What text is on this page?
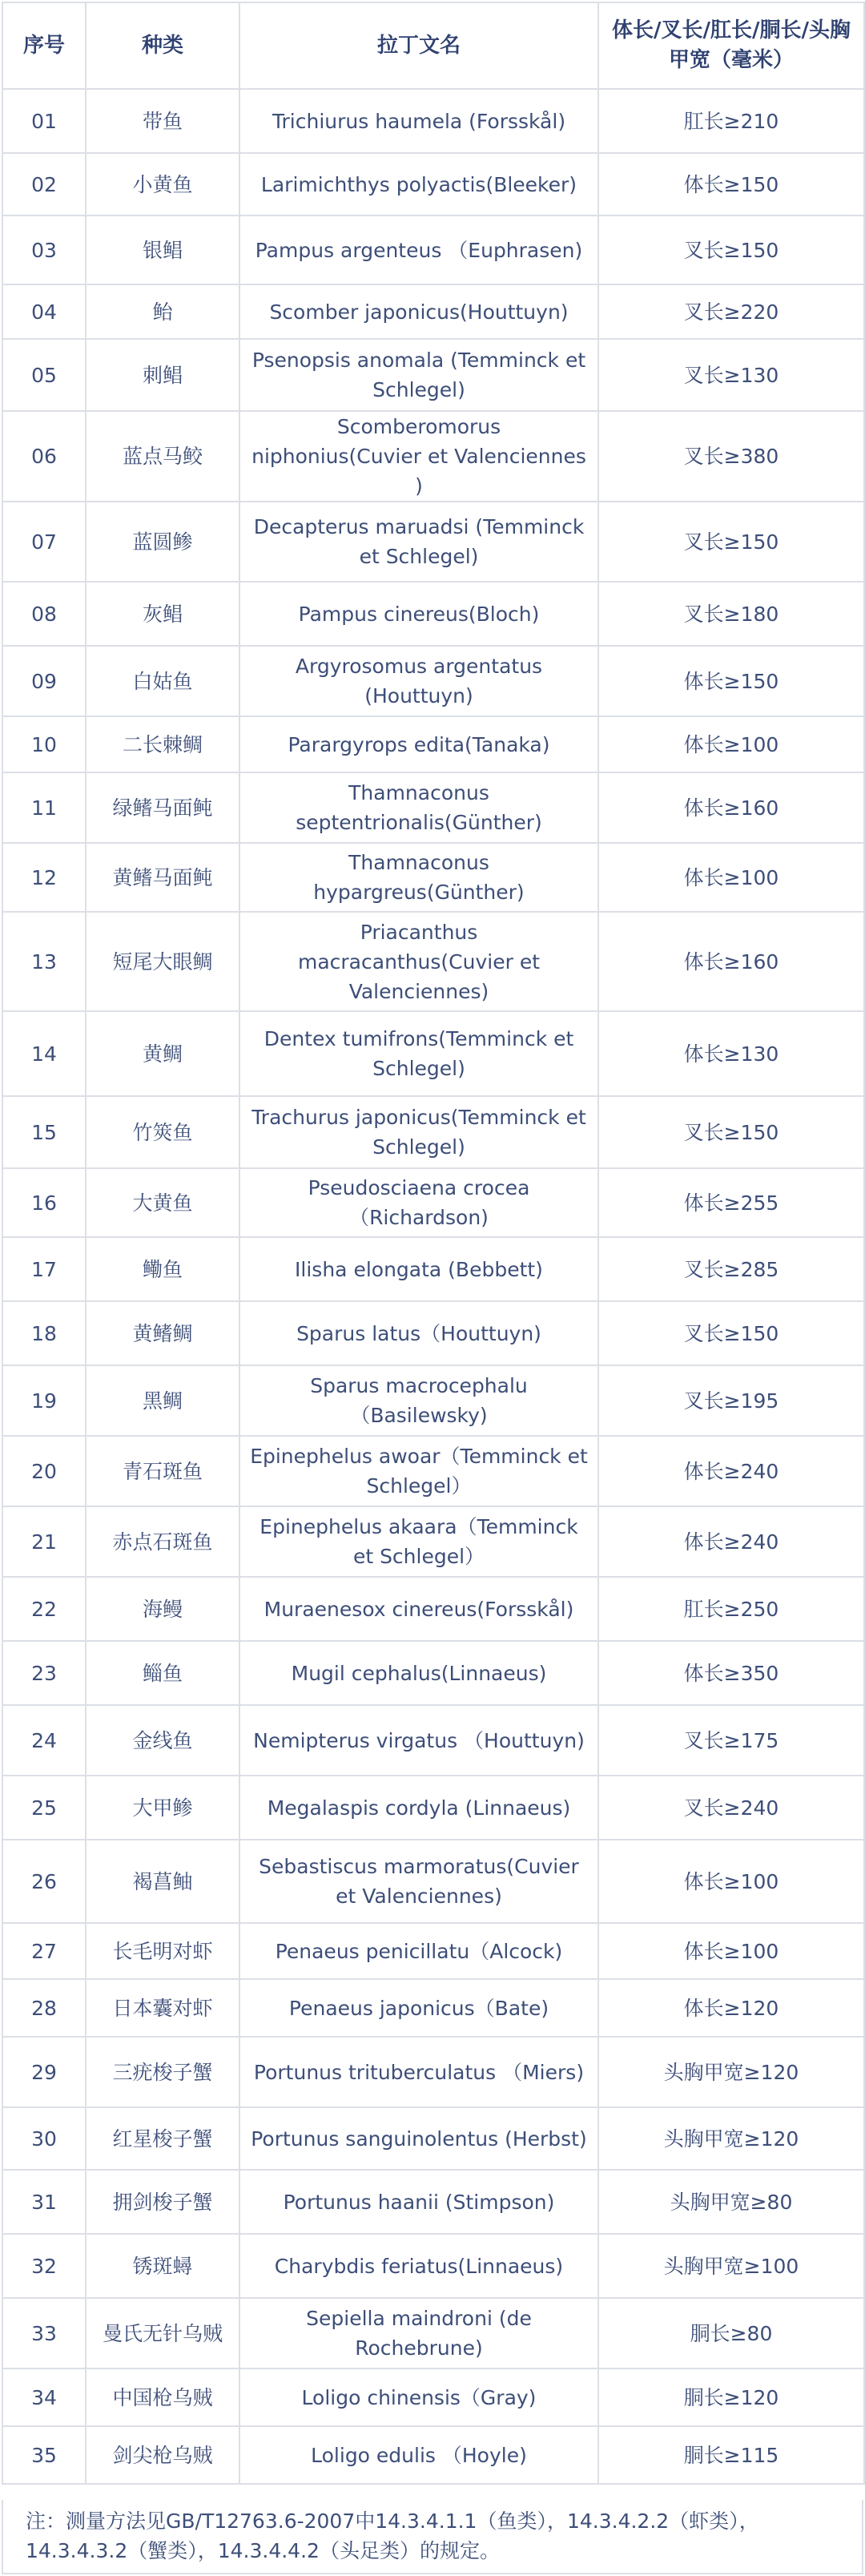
序号	种类	拉丁文名	体长/叉长/肛长/胴长/头胸甲宽（毫米）
01	带鱼	Trichiurus haumela (Forsskål)	肛长≥210
02	小黄鱼	Larimichthys polyactis(Bleeker)	体长≥150
03	银鲳	Pampus argenteus （Euphrasen)	叉长≥150
04	鲐	Scomber japonicus(Houttuyn)	叉长≥220
05	刺鲳	Psenopsis anomala (Temminck et Schlegel)	叉长≥130
06	蓝点马鲛	Scomberomorus niphonius(Cuvier et Valenciennes )	叉长≥380
07	蓝圆鲹	Decapterus maruadsi (Temminck et Schlegel)	叉长≥150
08	灰鲳	Pampus cinereus(Bloch)	叉长≥180
09	白姑鱼	Argyrosomus argentatus (Houttuyn)	体长≥150
10	二长棘鲷	Parargyrops edita(Tanaka)	体长≥100
11	绿鳍马面鲀	Thamnaconus septentrionalis(Günther)	体长≥160
12	黄鳍马面鲀	Thamnaconus hypargreus(Günther)	体长≥100
13	短尾大眼鲷	Priacanthus macracanthus(Cuvier et Valenciennes)	体长≥160
14	黄鲷	Dentex tumifrons(Temminck et Schlegel)	体长≥130
15	竹筴鱼	Trachurus japonicus(Temminck et Schlegel)	叉长≥150
16	大黄鱼	Pseudosciaena crocea （Richardson)	体长≥255
17	鳓鱼	Ilisha elongata (Bebbett)	叉长≥285
18	黄鳍鲷	Sparus latus（Houttuyn)	叉长≥150
19	黑鲷	Sparus macrocephalu （Basilewsky)	叉长≥195
20	青石斑鱼	Epinephelus awoar（Temminck et Schlegel）	体长≥240
21	赤点石斑鱼	Epinephelus akaara（Temminck et Schlegel）	体长≥240
22	海鳗	Muraenesox cinereus(Forsskål)	肛长≥250
23	鲻鱼	Mugil cephalus(Linnaeus)	体长≥350
24	金线鱼	Nemipterus virgatus （Houttuyn)	叉长≥175
25	大甲鲹	Megalaspis cordyla (Linnaeus)	叉长≥240
26	褐菖鲉	Sebastiscus marmoratus(Cuvier et Valenciennes)	体长≥100
27	长毛明对虾	Penaeus penicillatu（Alcock)	体长≥100
28	日本囊对虾	Penaeus japonicus（Bate)	体长≥120
29	三疣梭子蟹	Portunus trituberculatus （Miers)	头胸甲宽≥120
30	红星梭子蟹	Portunus sanguinolentus (Herbst)	头胸甲宽≥120
31	拥剑梭子蟹	Portunus haanii (Stimpson)	头胸甲宽≥80
32	锈斑蟳	Charybdis feriatus(Linnaeus)	头胸甲宽≥100
33	曼氏无针乌贼	Sepiella maindroni (de Rochebrune)	胴长≥80
34	中国枪乌贼	Loligo chinensis（Gray)	胴长≥120
35	剑尖枪乌贼	Loligo edulis （Hoyle)	胴长≥115
注：测量方法见GB/T12763.6-2007中14.3.4.1.1（鱼类），14.3.4.2.2（虾类），14.3.4.3.2（蟹类），14.3.4.4.2（头足类）的规定。
